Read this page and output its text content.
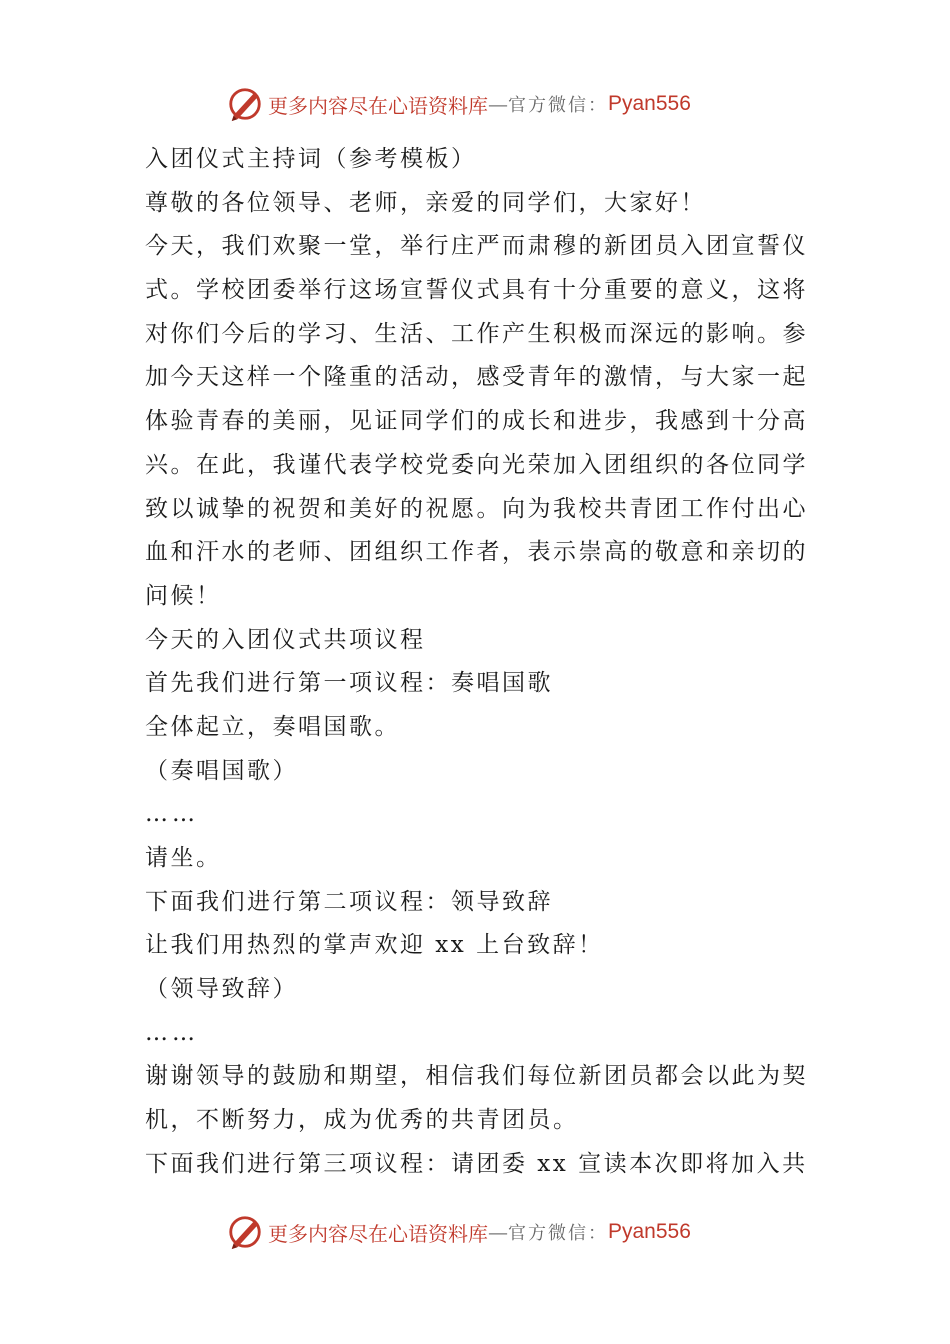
更多内容尽在心语资料库 — 官方微信： Pyan556
入团仪式主持词（参考模板）
尊敬的各位领导、老师，亲爱的同学们，大家好！
今天，我们欢聚一堂，举行庄严而肃穆的新团员入团宣誓仪
式。学校团委举行这场宣誓仪式具有十分重要的意义，这将
对你们今后的学习、生活、工作产生积极而深远的影响。参
加今天这样一个隆重的活动，感受青年的激情，与大家一起
体验青春的美丽，见证同学们的成长和进步，我感到十分高
兴。在此，我谨代表学校党委向光荣加入团组织的各位同学
致以诚挚的祝贺和美好的祝愿。向为我校共青团工作付出心
血和汗水的老师、团组织工作者，表示崇高的敬意和亲切的
问候！
今天的入团仪式共项议程
首先我们进行第一项议程：奏唱国歌
全体起立，奏唱国歌。
（奏唱国歌）
……
请坐。
下面我们进行第二项议程：领导致辞
让我们用热烈的掌声欢迎 xx 上台致辞！
（领导致辞）
……
谢谢领导的鼓励和期望，相信我们每位新团员都会以此为契
机，不断努力，成为优秀的共青团员。
下面我们进行第三项议程：请团委 xx 宣读本次即将加入共
更多内容尽在心语资料库 — 官方微信： Pyan556
